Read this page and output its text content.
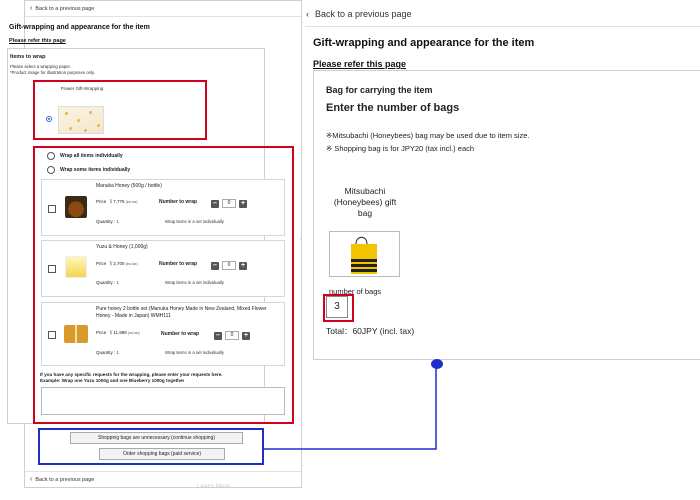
‹ Back to a previous page
‹ Back to a previous page
Gift-wrapping and appearance for the item
Please refer this page
Items to wrap
Please select a wrapping paper.
*Product image for illustration purposes only.
Flower Gift-Wrapping
Wrap all items individually
Wrap some items individually
Manuka Honey (500g / bottle)
Price ￥7,776 (inc.tax)	Number to wrap –	0	+
Quantity : 1	Wrap items in a set individually
Yuzu & Honey (1,000g)
Price ￥2,700 (inc.tax)	Number to wrap –	0	+
Quantity : 1	Wrap items in a set individually
Pure honey 2 bottle set (Manuka Honey Made in New Zealand, Mixed Flower Honey - Made in Japan) WMH111
Price ￥11,988 (inc.tax)	Number to wrap –	0	+
Quantity : 1	Wrap items in a set individually
If you have any specific requests for the wrapping, please enter your requests here.
Example: Wrap one Yuzu 1000g and one Blueberry 1000g together
Shopping bags are unnecessary (continue shopping)
Order shopping bags (paid service)
Learn More
‹
‹ Back to a previous page
Gift-wrapping and appearance for the item
Please refer this page
Bag for carrying the item
Enter the number of bags
※Mitsubachi (Honeybees) bag may be used due to item size.
※ Shopping bag is for JPY20 (tax incl.) each
Mitsubachi (Honeybees) gift bag
number of bags
3
Total：60JPY (incl. tax)
